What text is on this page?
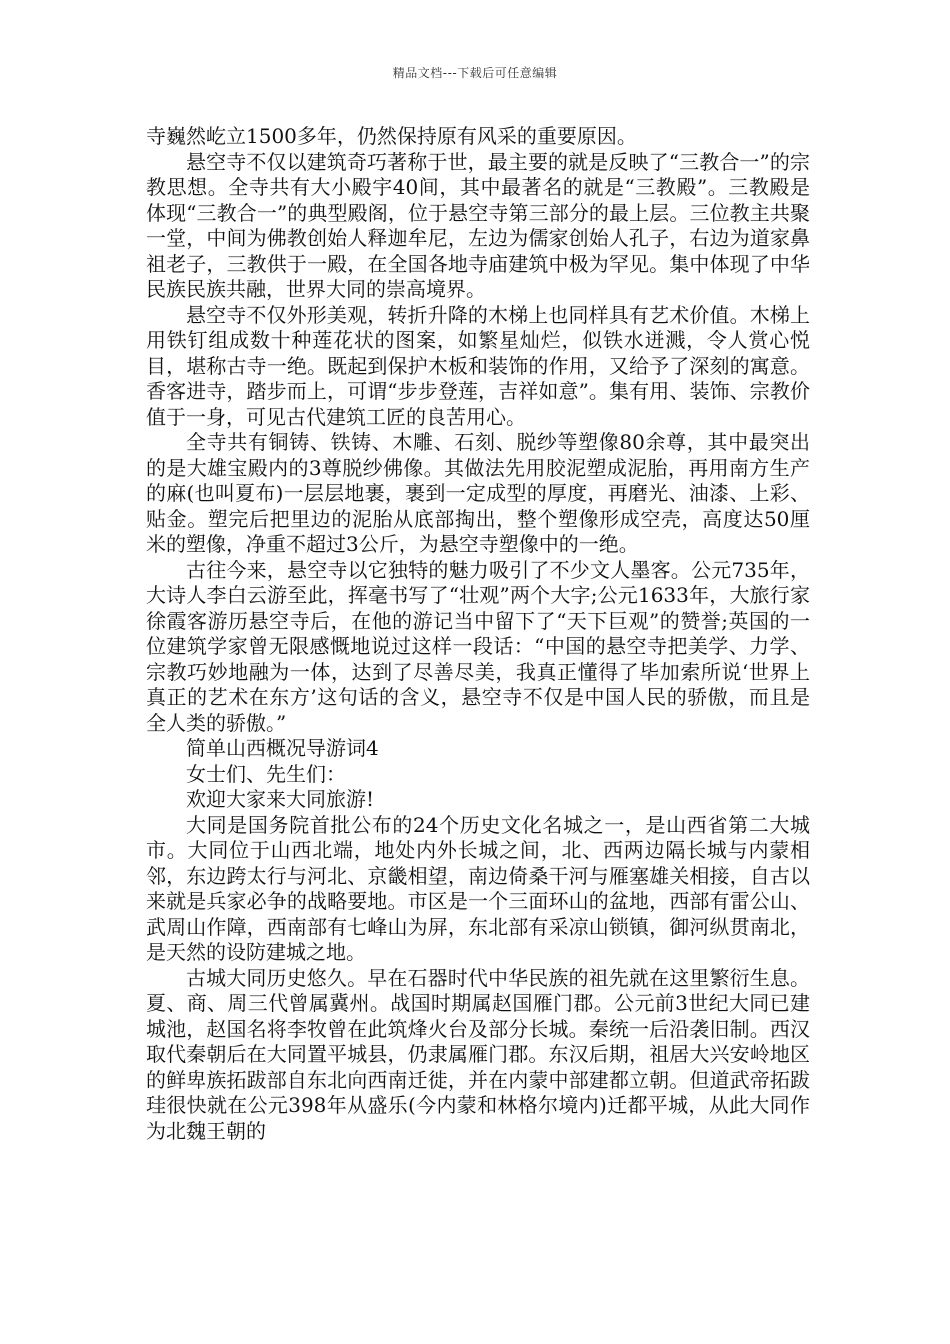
精品文档---下载后可任意编辑

寺巍然屹立1500多年，仍然保持原有风采的重要原因。

悬空寺不仅以建筑奇巧著称于世，最主要的就是反映了“三教合一”的宗教思想。全寺共有大小殿宇40间，其中最著名的就是“三教殿”。三教殿是体现“三教合一”的典型殿阁，位于悬空寺第三部分的最上层。三位教主共聚一堂，中间为佛教创始人释迦牟尼，左边为儒家创始人孔子，右边为道家鼻祖老子，三教供于一殿，在全国各地寺庙建筑中极为罕见。集中体现了中华民族民族共融，世界大同的崇高境界。

悬空寺不仅外形美观，转折升降的木梯上也同样具有艺术价值。木梯上用铁钉组成数十种莲花状的图案，如繁星灿烂，似铁水迸溅，令人赏心悦目，堪称古寺一绝。既起到保护木板和装饰的作用，又给予了深刻的寓意。香客进寺，踏步而上，可谓“步步登莲，吉祥如意”。集有用、装饰、宗教价值于一身，可见古代建筑工匠的良苦用心。

全寺共有铜铸、铁铸、木雕、石刻、脱纱等塑像80余尊，其中最突出的是大雄宝殿内的3尊脱纱佛像。其做法先用胶泥塑成泥胎，再用南方生产的麻(也叫夏布)一层层地裹，裹到一定成型的厚度，再磨光、油漆、上彩、贴金。塑完后把里边的泥胎从底部掏出，整个塑像形成空壳，高度达50厘米的塑像，净重不超过3公斤，为悬空寺塑像中的一绝。

古往今来，悬空寺以它独特的魅力吸引了不少文人墨客。公元735年，大诗人李白云游至此，挥毫书写了“壮观”两个大字;公元1633年，大旅行家徐霞客游历悬空寺后，在他的游记当中留下了“天下巨观”的赞誉;英国的一位建筑学家曾无限感慨地说过这样一段话：“中国的悬空寺把美学、力学、宗教巧妙地融为一体，达到了尽善尽美，我真正懂得了毕加索所说‘世界上真正的艺术在东方’这句话的含义，悬空寺不仅是中国人民的骄傲，而且是全人类的骄傲。”

简单山西概况导游词4

女士们、先生们：

欢迎大家来大同旅游!

大同是国务院首批公布的24个历史文化名城之一，是山西省第二大城市。大同位于山西北端，地处内外长城之间，北、西两边隔长城与内蒙相邻，东边跨太行与河北、京畿相望，南边倚桑干河与雁塞雄关相接，自古以来就是兵家必争的战略要地。市区是一个三面环山的盆地，西部有雷公山、武周山作障，西南部有七峰山为屏，东北部有采凉山锁镇，御河纵贯南北，是天然的设防建城之地。

古城大同历史悠久。早在石器时代中华民族的祖先就在这里繁衍生息。夏、商、周三代曾属冀州。战国时期属赵国雁门郡。公元前3世纪大同已建城池，赵国名将李牧曾在此筑烽火台及部分长城。秦统一后沿袭旧制。西汉取代秦朝后在大同置平城县，仍隶属雁门郡。东汉后期，祖居大兴安岭地区的鲜卑族拓跋部自东北向西南迁徙，并在内蒙中部建都立朝。但道武帝拓跋珪很快就在公元398年从盛乐(今内蒙和林格尔境内)迁都平城，从此大同作为北魏王朝的
